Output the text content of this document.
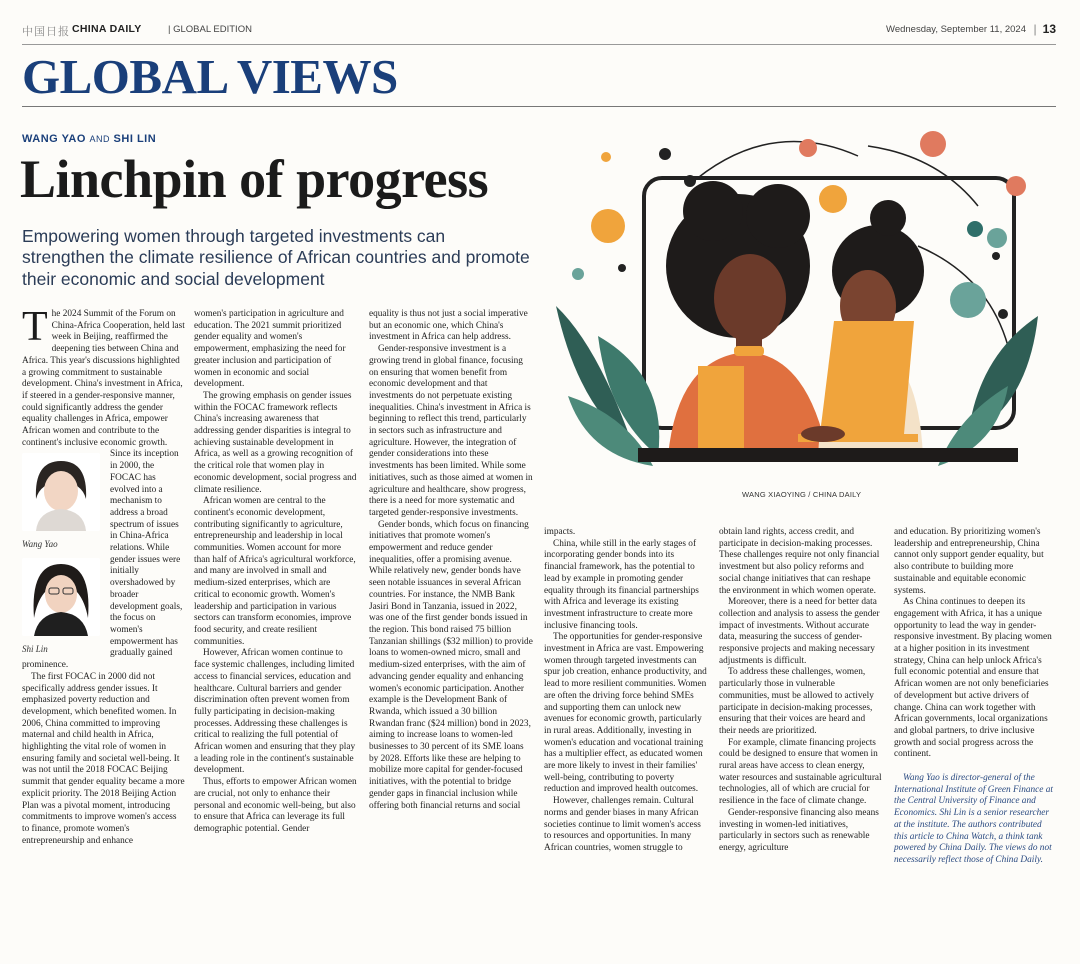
中国日报 CHINA DAILY	| GLOBAL EDITION	Wednesday, September 11, 2024 | 13
GLOBAL VIEWS
WANG YAO AND SHI LIN
Linchpin of progress
Empowering women through targeted investments can strengthen the climate resilience of African countries and promote their economic and social development
WANG XIAOYING / CHINA DAILY

The 2024 Summit of the Forum on China-Africa Cooperation, held last week in Beijing, reaffirmed the deepening ties between China and Africa. This year's discussions highlighted a growing commitment to sustainable development. China's investment in Africa, if steered in a gender-responsive manner, could significantly address the gender equality challenges in Africa, empower African women and contribute to the continent's inclusive economic growth.

Wang Yao
Shi Lin

Since its inception in 2000, the FOCAC has evolved into a mechanism to address a broad spectrum of issues in China-Africa relations. While gender issues were initially overshadowed by broader development goals, the focus on women's empowerment has gradually gained prominence.

The first FOCAC in 2000 did not specifically address gender issues. It emphasized poverty reduction and development, which benefited women. In 2006, China committed to improving maternal and child health in Africa, highlighting the vital role of women in ensuring family and societal well-being. It was not until the 2018 FOCAC Beijing summit that gender equality became a more explicit priority. The 2018 Beijing Action Plan was a pivotal moment, introducing commitments to improve women's access to finance, promote women's entrepreneurship and enhance

women's participation in agriculture and education. The 2021 summit prioritized gender equality and women's empowerment, emphasizing the need for greater inclusion and participation of women in economic and social development.

The growing emphasis on gender issues within the FOCAC framework reflects China's increasing awareness that addressing gender disparities is integral to achieving sustainable development in Africa, as well as a growing recognition of the critical role that women play in economic development, social progress and climate resilience.

African women are central to the continent's economic development, contributing significantly to agriculture, entrepreneurship and leadership in local communities. Women account for more than half of Africa's agricultural workforce, and many are involved in small and medium-sized enterprises, which are critical to economic growth. Women's leadership and participation in various sectors can transform economies, improve food security, and create resilient communities.

However, African women continue to face systemic challenges, including limited access to financial services, education and healthcare. Cultural barriers and gender discrimination often prevent women from fully participating in decision-making processes. Addressing these challenges is critical to realizing the full potential of African women and ensuring that they play a leading role in the continent's sustainable development.

Thus, efforts to empower African women are crucial, not only to enhance their personal and economic well-being, but also to ensure that Africa can leverage its full demographic potential. Gender

equality is thus not just a social imperative but an economic one, which China's investment in Africa can help address.

Gender-responsive investment is a growing trend in global finance, focusing on ensuring that women benefit from economic development and that investments do not perpetuate existing inequalities. China's investment in Africa is beginning to reflect this trend, particularly in sectors such as infrastructure and agriculture. However, the integration of gender considerations into these investments has been limited. While some initiatives, such as those aimed at women in agriculture and healthcare, show progress, there is a need for more systematic and targeted gender-responsive investments.

Gender bonds, which focus on financing initiatives that promote women's empowerment and reduce gender inequalities, offer a promising avenue. While relatively new, gender bonds have seen notable issuances in several African countries. For instance, the NMB Bank Jasiri Bond in Tanzania, issued in 2022, was one of the first gender bonds issued in the region. This bond raised 75 billion Tanzanian shillings ($32 million) to provide loans to women-owned micro, small and medium-sized enterprises, with the aim of advancing gender equality and enhancing women's economic participation. Another example is the Development Bank of Rwanda, which issued a 30 billion Rwandan franc ($24 million) bond in 2023, aiming to increase loans to women-led businesses to 30 percent of its SME loans by 2028. Efforts like these are helping to mobilize more capital for gender-focused initiatives, with the potential to bridge gender gaps in financial inclusion while offering both financial returns and social

impacts.

China, while still in the early stages of incorporating gender bonds into its financial framework, has the potential to lead by example in promoting gender equality through its financial partnerships with Africa and leverage its existing investment infrastructure to create more inclusive financing tools.

The opportunities for gender-responsive investment in Africa are vast. Empowering women through targeted investments can spur job creation, enhance productivity, and lead to more resilient communities. Women are often the driving force behind SMEs and supporting them can unlock new avenues for economic growth, particularly in rural areas. Additionally, investing in women's education and vocational training has a multiplier effect, as educated women are more likely to invest in their families' well-being, contributing to poverty reduction and improved health outcomes.

However, challenges remain. Cultural norms and gender biases in many African societies continue to limit women's access to resources and opportunities. In many African countries, women struggle to

obtain land rights, access credit, and participate in decision-making processes. These challenges require not only financial investment but also policy reforms and social change initiatives that can reshape the environment in which women operate.

Moreover, there is a need for better data collection and analysis to assess the gender impact of investments. Without accurate data, measuring the success of gender-responsive projects and making necessary adjustments is difficult.

To address these challenges, women, particularly those in vulnerable communities, must be allowed to actively participate in decision-making processes, ensuring that their voices are heard and their needs are prioritized.

For example, climate financing projects could be designed to ensure that women in rural areas have access to clean energy, water resources and sustainable agricultural technologies, all of which are crucial for resilience in the face of climate change.

Gender-responsive financing also means investing in women-led initiatives, particularly in sectors such as renewable energy, agriculture

and education. By prioritizing women's leadership and entrepreneurship, China cannot only support gender equality, but also contribute to building more sustainable and equitable economic systems.

As China continues to deepen its engagement with Africa, it has a unique opportunity to lead the way in gender-responsive investment. By placing women at a higher position in its investment strategy, China can help unlock Africa's full economic potential and ensure that African women are not only beneficiaries of development but active drivers of change. China can work together with African governments, local organizations and global partners, to drive inclusive growth and social progress across the continent.

Wang Yao is director-general of the International Institute of Green Finance at the Central University of Finance and Economics. Shi Lin is a senior researcher at the institute. The authors contributed this article to China Watch, a think tank powered by China Daily. The views do not necessarily reflect those of China Daily.
